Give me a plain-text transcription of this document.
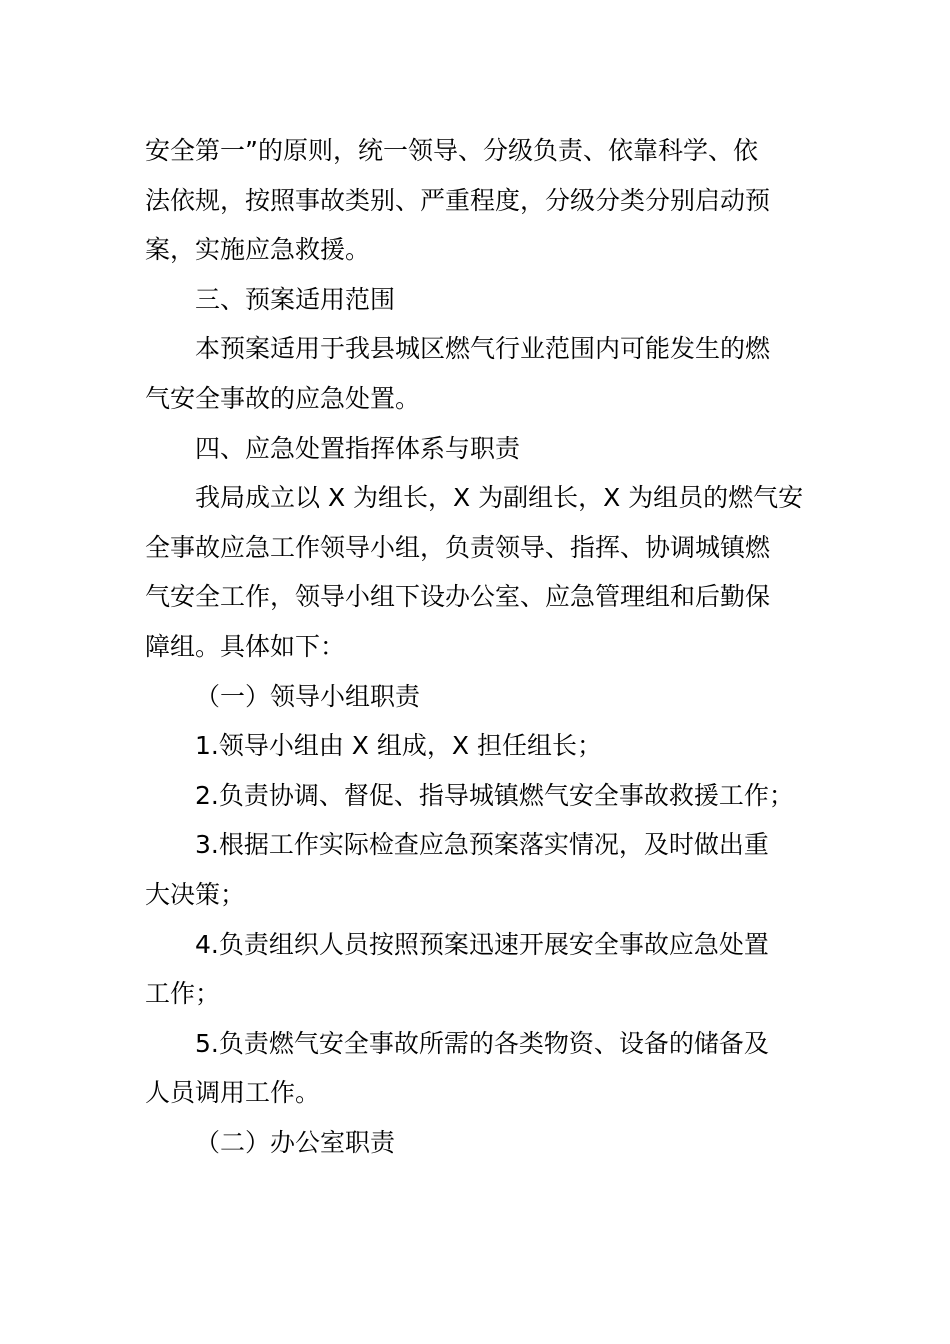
安全第一”的原则，统一领导、分级负责、依靠科学、依

法依规，按照事故类别、严重程度，分级分类分别启动预

案，实施应急救援。

三、预案适用范围

本预案适用于我县城区燃气行业范围内可能发生的燃

气安全事故的应急处置。

四、应急处置指挥体系与职责

我局成立以 X 为组长，X 为副组长，X 为组员的燃气安

全事故应急工作领导小组，负责领导、指挥、协调城镇燃

气安全工作，领导小组下设办公室、应急管理组和后勤保

障组。具体如下：

（一）领导小组职责

1.领导小组由 X 组成，X 担任组长；

2.负责协调、督促、指导城镇燃气安全事故救援工作；

3.根据工作实际检查应急预案落实情况，及时做出重

大决策；

4.负责组织人员按照预案迅速开展安全事故应急处置

工作；

5.负责燃气安全事故所需的各类物资、设备的储备及

人员调用工作。

（二）办公室职责
